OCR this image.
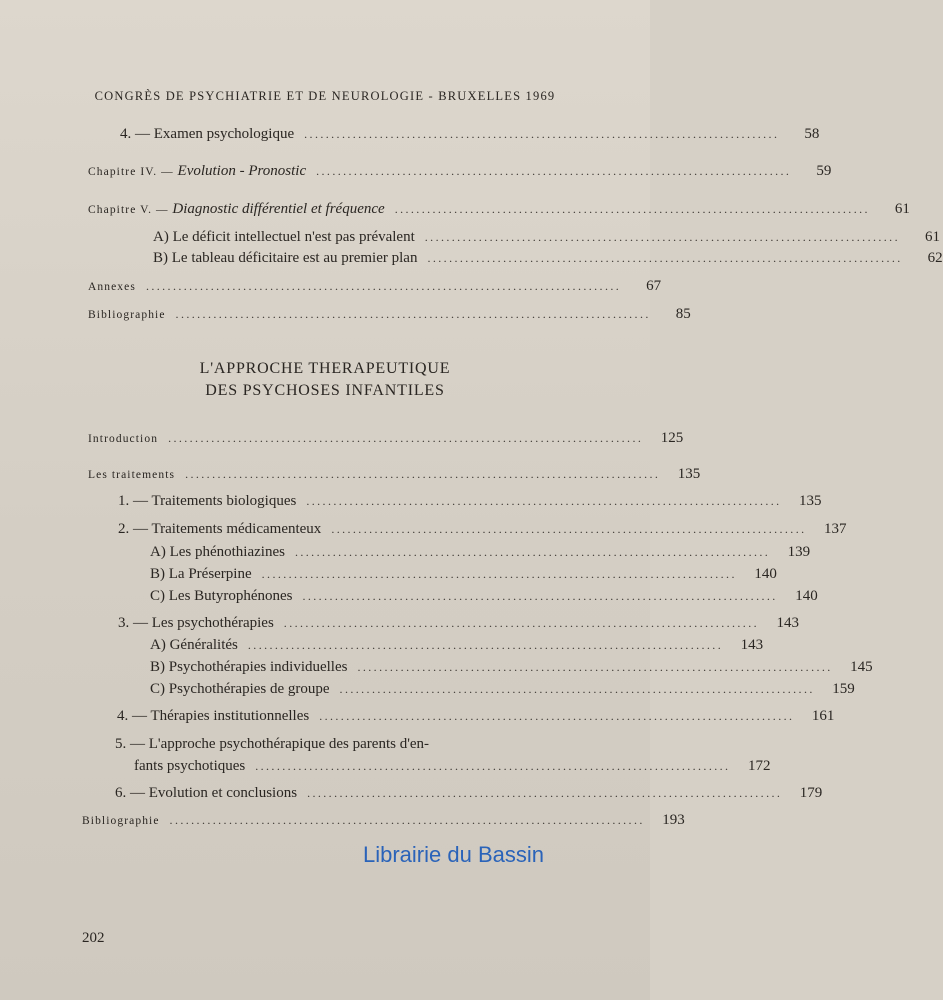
CONGRÈS DE PSYCHIATRIE ET DE NEUROLOGIE - BRUXELLES 1969
4. — Examen psychologique ........................................................................................	58
Chapitre IV. — Evolution - Pronostic ........................................................................................	59
Chapitre V. — Diagnostic différentiel et fréquence ........................................................................................	61
A) Le déficit intellectuel n'est pas prévalent ........................................................................................	61
B) Le tableau déficitaire est au premier plan ........................................................................................	62
Annexes ........................................................................................	67
Bibliographie ........................................................................................	85
L'APPROCHE THERAPEUTIQUE
DES PSYCHOSES INFANTILES
Introduction ........................................................................................	125
Les traitements ........................................................................................	135
1. — Traitements biologiques ........................................................................................	135
2. — Traitements médicamenteux ........................................................................................	137
A) Les phénothiazines ........................................................................................	139
B) La Préserpine ........................................................................................	140
C) Les Butyrophénones ........................................................................................	140
3. — Les psychothérapies ........................................................................................	143
A) Généralités ........................................................................................	143
B) Psychothérapies individuelles ........................................................................................	145
C) Psychothérapies de groupe ........................................................................................	159
4. — Thérapies institutionnelles ........................................................................................	161
5. — L'approche psychothérapique des parents d'en-
fants psychotiques ........................................................................................	172
6. — Evolution et conclusions ........................................................................................	179
Bibliographie ........................................................................................	193
Librairie du Bassin
202
